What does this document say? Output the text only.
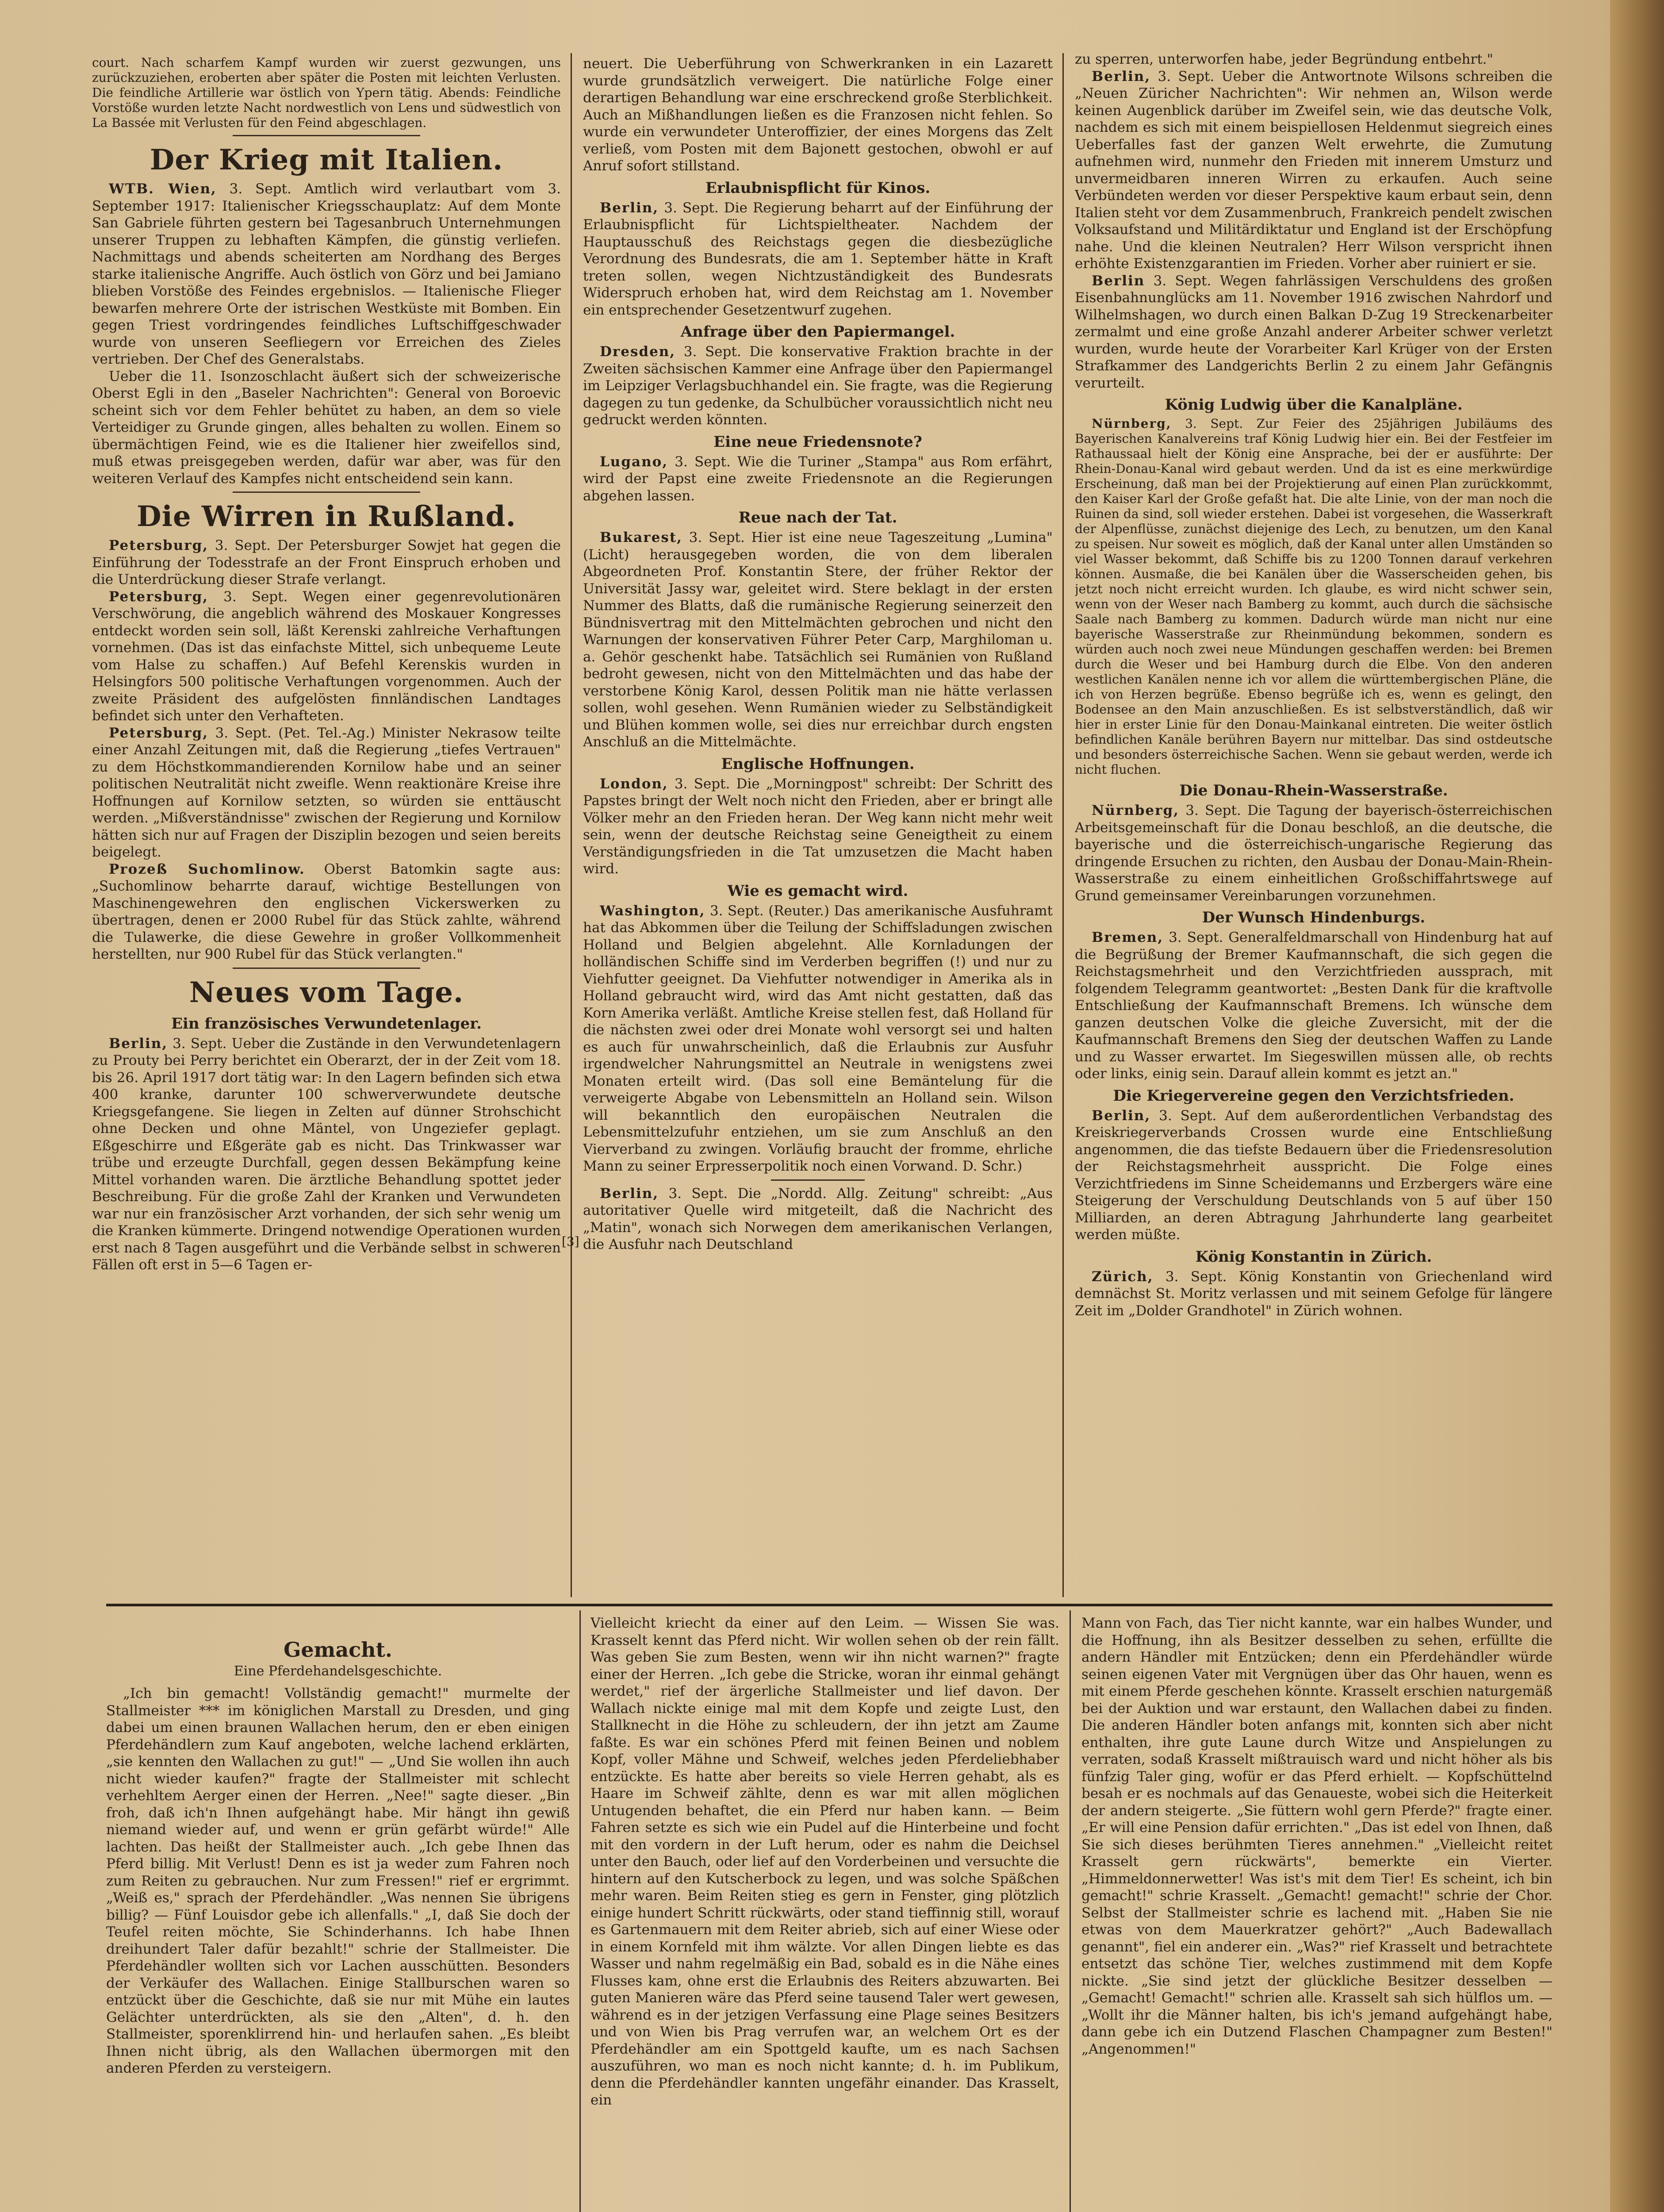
court. Nach scharfem Kampf wurden wir zuerst gezwungen, uns zurückzuziehen, eroberten aber später die Posten mit leichten Verlusten. Die feindliche Artillerie war östlich von Ypern tätig. Abends: Feindliche Vorstöße wurden letzte Nacht nordwestlich von Lens und südwestlich von La Bassée mit Verlusten für den Feind abgeschlagen.

Der Krieg mit Italien.

WTB. Wien, 3. Sept. Amtlich wird verlautbart vom 3. September 1917: Italienischer Kriegsschauplatz: Auf dem Monte San Gabriele führten gestern bei Tagesanbruch Unternehmungen unserer Truppen zu lebhaften Kämpfen, die günstig verliefen. Nachmittags und abends scheiterten am Nordhang des Berges starke italienische Angriffe. Auch östlich von Görz und bei Jamiano blieben Vorstöße des Feindes ergebnislos. — Italienische Flieger bewarfen mehrere Orte der istrischen Westküste mit Bomben. Ein gegen Triest vordringendes feindliches Luftschiffgeschwader wurde von unseren Seefliegern vor Erreichen des Zieles vertrieben. Der Chef des Generalstabs.

Ueber die 11. Isonzoschlacht äußert sich der schweizerische Oberst Egli in den „Baseler Nachrichten": General von Boroevic scheint sich vor dem Fehler behütet zu haben, an dem so viele Verteidiger zu Grunde gingen, alles behalten zu wollen. Einem so übermächtigen Feind, wie es die Italiener hier zweifellos sind, muß etwas preisgegeben werden, dafür war aber, was für den weiteren Verlauf des Kampfes nicht entscheidend sein kann.

Die Wirren in Rußland.

Petersburg, 3. Sept. Der Petersburger Sowjet hat gegen die Einführung der Todesstrafe an der Front Einspruch erhoben und die Unterdrückung dieser Strafe verlangt.

Petersburg, 3. Sept. Wegen einer gegenrevolutionären Verschwörung, die angeblich während des Moskauer Kongresses entdeckt worden sein soll, läßt Kerenski zahlreiche Verhaftungen vornehmen. (Das ist das einfachste Mittel, sich unbequeme Leute vom Halse zu schaffen.) Auf Befehl Kerenskis wurden in Helsingfors 500 politische Verhaftungen vorgenommen. Auch der zweite Präsident des aufgelösten finnländischen Landtages befindet sich unter den Verhafteten.

Petersburg, 3. Sept. (Pet. Tel.-Ag.) Minister Nekrasow teilte einer Anzahl Zeitungen mit, daß die Regierung „tiefes Vertrauen" zu dem Höchstkommandierenden Kornilow habe und an seiner politischen Neutralität nicht zweifle. Wenn reaktionäre Kreise ihre Hoffnungen auf Kornilow setzten, so würden sie enttäuscht werden. „Mißverständnisse" zwischen der Regierung und Kornilow hätten sich nur auf Fragen der Disziplin bezogen und seien bereits beigelegt.

Prozeß Suchomlinow. Oberst Batomkin sagte aus: „Suchomlinow beharrte darauf, wichtige Bestellungen von Maschinengewehren den englischen Vickerswerken zu übertragen, denen er 2000 Rubel für das Stück zahlte, während die Tulawerke, die diese Gewehre in großer Vollkommenheit herstellten, nur 900 Rubel für das Stück verlangten."

Neues vom Tage.
Ein französisches Verwundetenlager.

Berlin, 3. Sept. Ueber die Zustände in den Verwundetenlagern zu Prouty bei Perry berichtet ein Oberarzt, der in der Zeit vom 18. bis 26. April 1917 dort tätig war: In den Lagern befinden sich etwa 400 kranke, darunter 100 schwerverwundete deutsche Kriegsgefangene. Sie liegen in Zelten auf dünner Strohschicht ohne Decken und ohne Mäntel, von Ungeziefer geplagt. Eßgeschirre und Eßgeräte gab es nicht. Das Trinkwasser war trübe und erzeugte Durchfall, gegen dessen Bekämpfung keine Mittel vorhanden waren. Die ärztliche Behandlung spottet jeder Beschreibung. Für die große Zahl der Kranken und Verwundeten war nur ein französischer Arzt vorhanden, der sich sehr wenig um die Kranken kümmerte. Dringend notwendige Operationen wurden erst nach 8 Tagen ausgeführt und die Verbände selbst in schweren Fällen oft erst in 5—6 Tagen er-

neuert. Die Ueberführung von Schwerkranken in ein Lazarett wurde grundsätzlich verweigert. Die natürliche Folge einer derartigen Behandlung war eine erschreckend große Sterblichkeit. Auch an Mißhandlungen ließen es die Franzosen nicht fehlen. So wurde ein verwundeter Unteroffizier, der eines Morgens das Zelt verließ, vom Posten mit dem Bajonett gestochen, obwohl er auf Anruf sofort stillstand.

Erlaubnispflicht für Kinos.

Berlin, 3. Sept. Die Regierung beharrt auf der Einführung der Erlaubnispflicht für Lichtspieltheater. Nachdem der Hauptausschuß des Reichstags gegen die diesbezügliche Verordnung des Bundesrats, die am 1. September hätte in Kraft treten sollen, wegen Nichtzuständigkeit des Bundesrats Widerspruch erhoben hat, wird dem Reichstag am 1. November ein entsprechender Gesetzentwurf zugehen.

Anfrage über den Papiermangel.

Dresden, 3. Sept. Die konservative Fraktion brachte in der Zweiten sächsischen Kammer eine Anfrage über den Papiermangel im Leipziger Verlagsbuchhandel ein. Sie fragte, was die Regierung dagegen zu tun gedenke, da Schulbücher voraussichtlich nicht neu gedruckt werden könnten.

Eine neue Friedensnote?

Lugano, 3. Sept. Wie die Turiner „Stampa" aus Rom erfährt, wird der Papst eine zweite Friedensnote an die Regierungen abgehen lassen.

Reue nach der Tat.

Bukarest, 3. Sept. Hier ist eine neue Tageszeitung „Lumina" (Licht) herausgegeben worden, die von dem liberalen Abgeordneten Prof. Konstantin Stere, der früher Rektor der Universität Jassy war, geleitet wird. Stere beklagt in der ersten Nummer des Blatts, daß die rumänische Regierung seinerzeit den Bündnisvertrag mit den Mittelmächten gebrochen und nicht den Warnungen der konservativen Führer Peter Carp, Marghiloman u. a. Gehör geschenkt habe. Tatsächlich sei Rumänien von Rußland bedroht gewesen, nicht von den Mittelmächten und das habe der verstorbene König Karol, dessen Politik man nie hätte verlassen sollen, wohl gesehen. Wenn Rumänien wieder zu Selbständigkeit und Blühen kommen wolle, sei dies nur erreichbar durch engsten Anschluß an die Mittelmächte.

Englische Hoffnungen.

London, 3. Sept. Die „Morningpost" schreibt: Der Schritt des Papstes bringt der Welt noch nicht den Frieden, aber er bringt alle Völker mehr an den Frieden heran. Der Weg kann nicht mehr weit sein, wenn der deutsche Reichstag seine Geneigtheit zu einem Verständigungsfrieden in die Tat umzusetzen die Macht haben wird.

Wie es gemacht wird.

Washington, 3. Sept. (Reuter.) Das amerikanische Ausfuhramt hat das Abkommen über die Teilung der Schiffsladungen zwischen Holland und Belgien abgelehnt. Alle Kornladungen der holländischen Schiffe sind im Verderben begriffen (!) und nur zu Viehfutter geeignet. Da Viehfutter notwendiger in Amerika als in Holland gebraucht wird, wird das Amt nicht gestatten, daß das Korn Amerika verläßt. Amtliche Kreise stellen fest, daß Holland für die nächsten zwei oder drei Monate wohl versorgt sei und halten es auch für unwahrscheinlich, daß die Erlaubnis zur Ausfuhr irgendwelcher Nahrungsmittel an Neutrale in wenigstens zwei Monaten erteilt wird. (Das soll eine Bemäntelung für die verweigerte Abgabe von Lebensmitteln an Holland sein. Wilson will bekanntlich den europäischen Neutralen die Lebensmittelzufuhr entziehen, um sie zum Anschluß an den Vierverband zu zwingen. Vorläufig braucht der fromme, ehrliche Mann zu seiner Erpresserpolitik noch einen Vorwand. D. Schr.)

Berlin, 3. Sept. Die „Nordd. Allg. Zeitung" schreibt: „Aus autoritativer Quelle wird mitgeteilt, daß die Nachricht des „Matin", wonach sich Norwegen dem amerikanischen Verlangen, die Ausfuhr nach Deutschland

zu sperren, unterworfen habe, jeder Begründung entbehrt."

Berlin, 3. Sept. Ueber die Antwortnote Wilsons schreiben die „Neuen Züricher Nachrichten": Wir nehmen an, Wilson werde keinen Augenblick darüber im Zweifel sein, wie das deutsche Volk, nachdem es sich mit einem beispiellosen Heldenmut siegreich eines Ueberfalles fast der ganzen Welt erwehrte, die Zumutung aufnehmen wird, nunmehr den Frieden mit innerem Umsturz und unvermeidbaren inneren Wirren zu erkaufen. Auch seine Verbündeten werden vor dieser Perspektive kaum erbaut sein, denn Italien steht vor dem Zusammenbruch, Frankreich pendelt zwischen Volksaufstand und Militärdiktatur und England ist der Erschöpfung nahe. Und die kleinen Neutralen? Herr Wilson verspricht ihnen erhöhte Existenzgarantien im Frieden. Vorher aber ruiniert er sie.

Berlin 3. Sept. Wegen fahrlässigen Verschuldens des großen Eisenbahnunglücks am 11. November 1916 zwischen Nahrdorf und Wilhelmshagen, wo durch einen Balkan D-Zug 19 Streckenarbeiter zermalmt und eine große Anzahl anderer Arbeiter schwer verletzt wurden, wurde heute der Vorarbeiter Karl Krüger von der Ersten Strafkammer des Landgerichts Berlin 2 zu einem Jahr Gefängnis verurteilt.

König Ludwig über die Kanalpläne.

Nürnberg, 3. Sept. Zur Feier des 25jährigen Jubiläums des Bayerischen Kanalvereins traf König Ludwig hier ein. Bei der Festfeier im Rathaussaal hielt der König eine Ansprache, bei der er ausführte: Der Rhein-Donau-Kanal wird gebaut werden. Und da ist es eine merkwürdige Erscheinung, daß man bei der Projektierung auf einen Plan zurückkommt, den Kaiser Karl der Große gefaßt hat. Die alte Linie, von der man noch die Ruinen da sind, soll wieder erstehen. Dabei ist vorgesehen, die Wasserkraft der Alpenflüsse, zunächst diejenige des Lech, zu benutzen, um den Kanal zu speisen. Nur soweit es möglich, daß der Kanal unter allen Umständen so viel Wasser bekommt, daß Schiffe bis zu 1200 Tonnen darauf verkehren können. Ausmaße, die bei Kanälen über die Wasserscheiden gehen, bis jetzt noch nicht erreicht wurden. Ich glaube, es wird nicht schwer sein, wenn von der Weser nach Bamberg zu kommt, auch durch die sächsische Saale nach Bamberg zu kommen. Dadurch würde man nicht nur eine bayerische Wasserstraße zur Rheinmündung bekommen, sondern es würden auch noch zwei neue Mündungen geschaffen werden: bei Bremen durch die Weser und bei Hamburg durch die Elbe. Von den anderen westlichen Kanälen nenne ich vor allem die württembergischen Pläne, die ich von Herzen begrüße. Ebenso begrüße ich es, wenn es gelingt, den Bodensee an den Main anzuschließen. Es ist selbstverständlich, daß wir hier in erster Linie für den Donau-Mainkanal eintreten. Die weiter östlich befindlichen Kanäle berühren Bayern nur mittelbar. Das sind ostdeutsche und besonders österreichische Sachen. Wenn sie gebaut werden, werde ich nicht fluchen.

Die Donau-Rhein-Wasserstraße.

Nürnberg, 3. Sept. Die Tagung der bayerisch-österreichischen Arbeitsgemeinschaft für die Donau beschloß, an die deutsche, die bayerische und die österreichisch-ungarische Regierung das dringende Ersuchen zu richten, den Ausbau der Donau-Main-Rhein-Wasserstraße zu einem einheitlichen Großschiffahrtswege auf Grund gemeinsamer Vereinbarungen vorzunehmen.

Der Wunsch Hindenburgs.

Bremen, 3. Sept. Generalfeldmarschall von Hindenburg hat auf die Begrüßung der Bremer Kaufmannschaft, die sich gegen die Reichstagsmehrheit und den Verzichtfrieden aussprach, mit folgendem Telegramm geantwortet: „Besten Dank für die kraftvolle Entschließung der Kaufmannschaft Bremens. Ich wünsche dem ganzen deutschen Volke die gleiche Zuversicht, mit der die Kaufmannschaft Bremens den Sieg der deutschen Waffen zu Lande und zu Wasser erwartet. Im Siegeswillen müssen alle, ob rechts oder links, einig sein. Darauf allein kommt es jetzt an."

Die Kriegervereine gegen den Verzichtsfrieden.

Berlin, 3. Sept. Auf dem außerordentlichen Verbandstag des Kreiskriegerverbands Crossen wurde eine Entschließung angenommen, die das tiefste Bedauern über die Friedensresolution der Reichstagsmehrheit ausspricht. Die Folge eines Verzichtfriedens im Sinne Scheidemanns und Erzbergers wäre eine Steigerung der Verschuldung Deutschlands von 5 auf über 150 Milliarden, an deren Abtragung Jahrhunderte lang gearbeitet werden müßte.

König Konstantin in Zürich.

Zürich, 3. Sept. König Konstantin von Griechenland wird demnächst St. Moritz verlassen und mit seinem Gefolge für längere Zeit im „Dolder Grandhotel" in Zürich wohnen.

[3]
Gemacht.
Eine Pferdehandelsgeschichte.

„Ich bin gemacht! Vollständig gemacht!" murmelte der Stallmeister *** im königlichen Marstall zu Dresden, und ging dabei um einen braunen Wallachen herum, den er eben einigen Pferdehändlern zum Kauf angeboten, welche lachend erklärten, „sie kennten den Wallachen zu gut!" — „Und Sie wollen ihn auch nicht wieder kaufen?" fragte der Stallmeister mit schlecht verhehltem Aerger einen der Herren. „Nee!" sagte dieser. „Bin froh, daß ich'n Ihnen aufgehängt habe. Mir hängt ihn gewiß niemand wieder auf, und wenn er grün gefärbt würde!" Alle lachten. Das heißt der Stallmeister auch. „Ich gebe Ihnen das Pferd billig. Mit Verlust! Denn es ist ja weder zum Fahren noch zum Reiten zu gebrauchen. Nur zum Fressen!" rief er ergrimmt. „Weiß es," sprach der Pferdehändler. „Was nennen Sie übrigens billig? — Fünf Louisdor gebe ich allenfalls." „I, daß Sie doch der Teufel reiten möchte, Sie Schinderhanns. Ich habe Ihnen dreihundert Taler dafür bezahlt!" schrie der Stallmeister. Die Pferdehändler wollten sich vor Lachen ausschütten. Besonders der Verkäufer des Wallachen. Einige Stallburschen waren so entzückt über die Geschichte, daß sie nur mit Mühe ein lautes Gelächter unterdrückten, als sie den „Alten", d. h. den Stallmeister, sporenklirrend hin- und herlaufen sahen. „Es bleibt Ihnen nicht übrig, als den Wallachen übermorgen mit den anderen Pferden zu versteigern.

Vielleicht kriecht da einer auf den Leim. — Wissen Sie was. Krasselt kennt das Pferd nicht. Wir wollen sehen ob der rein fällt. Was geben Sie zum Besten, wenn wir ihn nicht warnen?" fragte einer der Herren. „Ich gebe die Stricke, woran ihr einmal gehängt werdet," rief der ärgerliche Stallmeister und lief davon. Der Wallach nickte einige mal mit dem Kopfe und zeigte Lust, den Stallknecht in die Höhe zu schleudern, der ihn jetzt am Zaume faßte. Es war ein schönes Pferd mit feinen Beinen und noblem Kopf, voller Mähne und Schweif, welches jeden Pferdeliebhaber entzückte. Es hatte aber bereits so viele Herren gehabt, als es Haare im Schweif zählte, denn es war mit allen möglichen Untugenden behaftet, die ein Pferd nur haben kann. — Beim Fahren setzte es sich wie ein Pudel auf die Hinterbeine und focht mit den vordern in der Luft herum, oder es nahm die Deichsel unter den Bauch, oder lief auf den Vorderbeinen und versuchte die hintern auf den Kutscherbock zu legen, und was solche Späßchen mehr waren. Beim Reiten stieg es gern in Fenster, ging plötzlich einige hundert Schritt rückwärts, oder stand tieffinnig still, worauf es Gartenmauern mit dem Reiter abrieb, sich auf einer Wiese oder in einem Kornfeld mit ihm wälzte. Vor allen Dingen liebte es das Wasser und nahm regelmäßig ein Bad, sobald es in die Nähe eines Flusses kam, ohne erst die Erlaubnis des Reiters abzuwarten. Bei guten Manieren wäre das Pferd seine tausend Taler wert gewesen, während es in der jetzigen Verfassung eine Plage seines Besitzers und von Wien bis Prag verrufen war, an welchem Ort es der Pferdehändler am ein Spottgeld kaufte, um es nach Sachsen auszuführen, wo man es noch nicht kannte; d. h. im Publikum, denn die Pferdehändler kannten ungefähr einander. Das Krasselt, ein

Mann von Fach, das Tier nicht kannte, war ein halbes Wunder, und die Hoffnung, ihn als Besitzer desselben zu sehen, erfüllte die andern Händler mit Entzücken; denn ein Pferdehändler würde seinen eigenen Vater mit Vergnügen über das Ohr hauen, wenn es mit einem Pferde geschehen könnte. Krasselt erschien naturgemäß bei der Auktion und war erstaunt, den Wallachen dabei zu finden. Die anderen Händler boten anfangs mit, konnten sich aber nicht enthalten, ihre gute Laune durch Witze und Anspielungen zu verraten, sodaß Krasselt mißtrauisch ward und nicht höher als bis fünfzig Taler ging, wofür er das Pferd erhielt. — Kopfschüttelnd besah er es nochmals auf das Genaueste, wobei sich die Heiterkeit der andern steigerte. „Sie füttern wohl gern Pferde?" fragte einer. „Er will eine Pension dafür errichten." „Das ist edel von Ihnen, daß Sie sich dieses berühmten Tieres annehmen." „Vielleicht reitet Krasselt gern rückwärts", bemerkte ein Vierter. „Himmeldonnerwetter! Was ist's mit dem Tier! Es scheint, ich bin gemacht!" schrie Krasselt. „Gemacht! gemacht!" schrie der Chor. Selbst der Stallmeister schrie es lachend mit. „Haben Sie nie etwas von dem Mauerkratzer gehört?" „Auch Badewallach genannt", fiel ein anderer ein. „Was?" rief Krasselt und betrachtete entsetzt das schöne Tier, welches zustimmend mit dem Kopfe nickte. „Sie sind jetzt der glückliche Besitzer desselben — „Gemacht! Gemacht!" schrien alle. Krasselt sah sich hülflos um. — „Wollt ihr die Männer halten, bis ich's jemand aufgehängt habe, dann gebe ich ein Dutzend Flaschen Champagner zum Besten!" „Angenommen!"
